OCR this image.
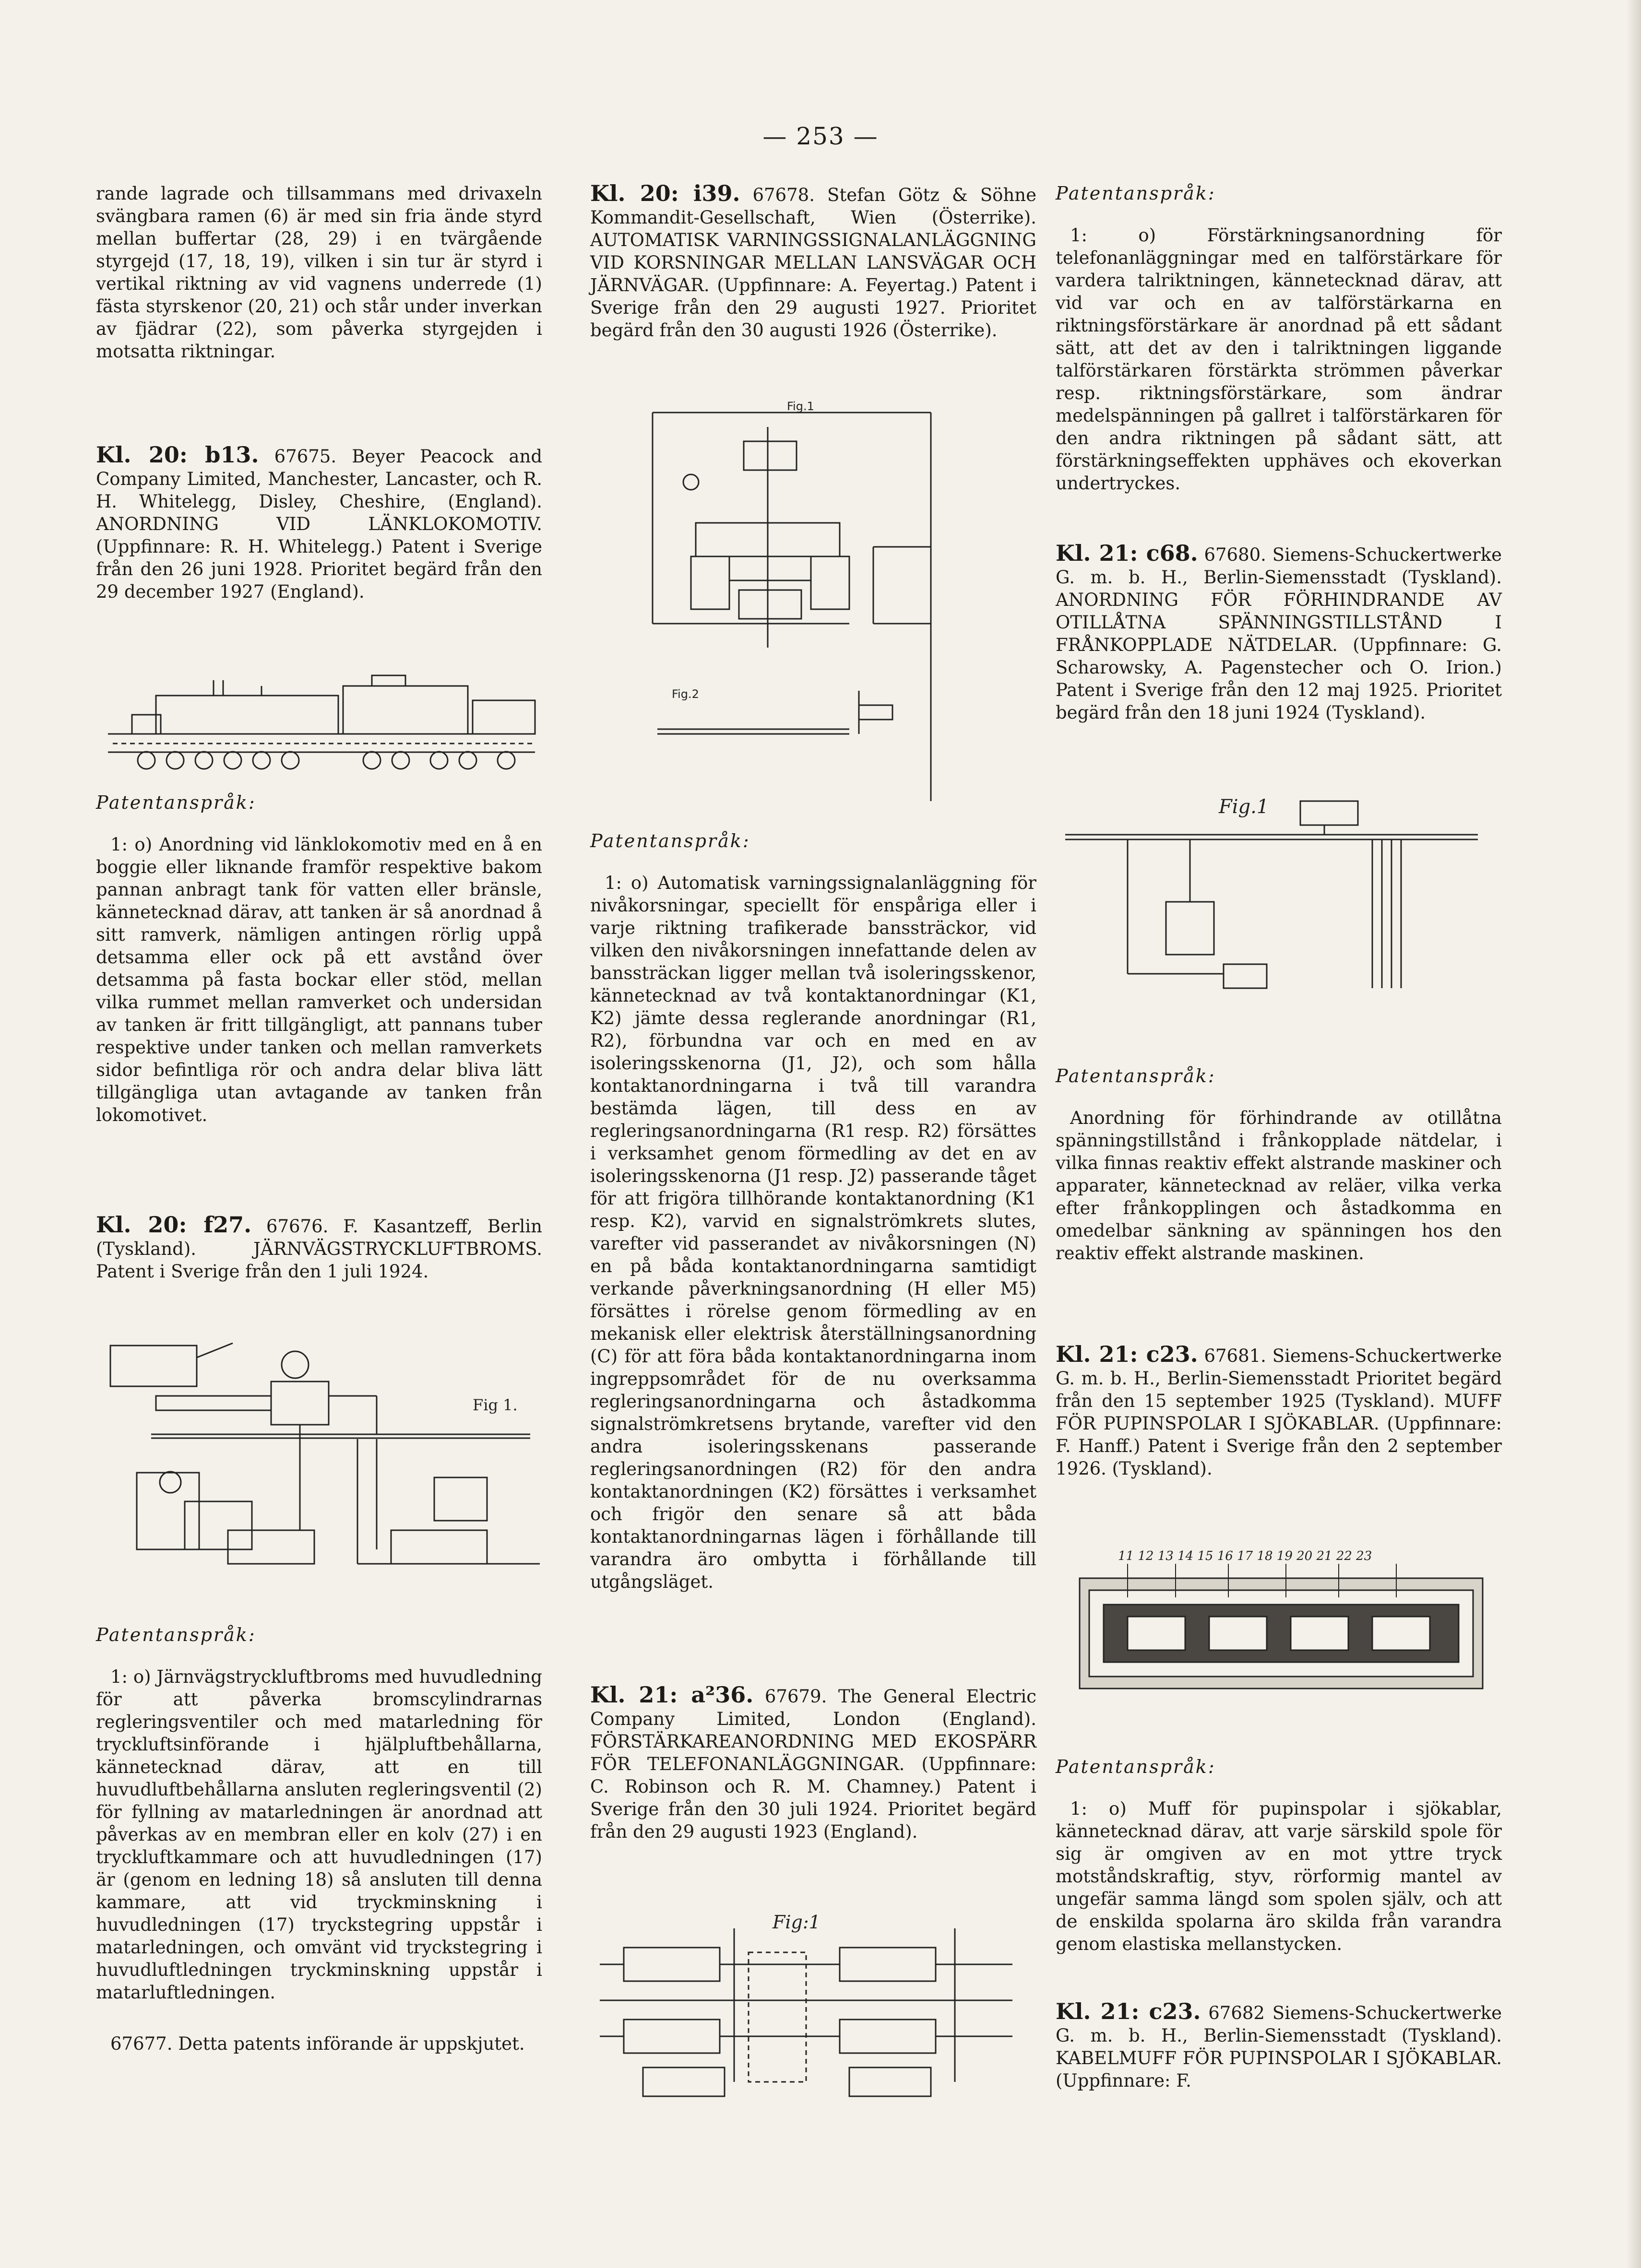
— 253 —

rande lagrade och tillsammans med drivaxeln svängbara ramen (6) är med sin fria ände styrd mellan buffertar (28, 29) i en tvärgående styrgejd (17, 18, 19), vilken i sin tur är styrd i vertikal riktning av vid vagnens underrede (1) fästa styrskenor (20, 21) och står under inverkan av fjädrar (22), som påverka styrgejden i motsatta riktningar.

Kl. 20: b13. 67675. Beyer Peacock and Company Limited, Manchester, Lancaster, och R. H. Whitelegg, Disley, Cheshire, (England). ANORDNING VID LÄNKLOKOMOTIV. (Uppfinnare: R. H. Whitelegg.) Patent i Sverige från den 26 juni 1928. Prioritet begärd från den 29 december 1927 (England).

Patentanspråk:

1: o) Anordning vid länklokomotiv med en å en boggie eller liknande framför respektive bakom pannan anbragt tank för vatten eller bränsle, kännetecknad därav, att tanken är så anordnad å sitt ramverk, nämligen antingen rörlig uppå detsamma eller ock på ett avstånd över detsamma på fasta bockar eller stöd, mellan vilka rummet mellan ramverket och undersidan av tanken är fritt tillgängligt, att pannans tuber respektive under tanken och mellan ramverkets sidor befintliga rör och andra delar bliva lätt tillgängliga utan avtagande av tanken från lokomotivet.

Kl. 20: f27. 67676. F. Kasantzeff, Berlin (Tyskland). JÄRNVÄGSTRYCKLUFTBROMS. Patent i Sverige från den 1 juli 1924.

Fig 1.

Patentanspråk:

1: o) Järnvägstryckluftbroms med huvudledning för att påverka bromscylindrarnas regleringsventiler och med matarledning för tryckluftsinförande i hjälpluftbehållarna, kännetecknad därav, att en till huvudluftbehållarna ansluten regleringsventil (2) för fyllning av matarledningen är anordnad att påverkas av en membran eller en kolv (27) i en tryckluftkammare och att huvudledningen (17) är (genom en ledning 18) så ansluten till denna kammare, att vid tryckminskning i huvudledningen (17) tryckstegring uppstår i matarledningen, och omvänt vid tryckstegring i huvudluftledningen tryckminskning uppstår i matarluftledningen.

67677. Detta patents införande är uppskjutet.

Kl. 20: i39. 67678. Stefan Götz & Söhne Kommandit-Gesellschaft, Wien (Österrike). AUTOMATISK VARNINGSSIGNALANLÄGGNING VID KORSNINGAR MELLAN LANSVÄGAR OCH JÄRNVÄGAR. (Uppfinnare: A. Feyertag.) Patent i Sverige från den 29 augusti 1927. Prioritet begärd från den 30 augusti 1926 (Österrike).

Fig.1
Fig.2

Patentanspråk:

1: o) Automatisk varningssignalanläggning för nivåkorsningar, speciellt för enspåriga eller i varje riktning trafikerade banssträckor, vid vilken den nivåkorsningen innefattande delen av banssträckan ligger mellan två isoleringsskenor, kännetecknad av två kontaktanordningar (K1, K2) jämte dessa reglerande anordningar (R1, R2), förbundna var och en med en av isoleringsskenorna (J1, J2), och som hålla kontaktanordningarna i två till varandra bestämda lägen, till dess en av regleringsanordningarna (R1 resp. R2) försättes i verksamhet genom förmedling av det en av isoleringsskenorna (J1 resp. J2) passerande tåget för att frigöra tillhörande kontaktanordning (K1 resp. K2), varvid en signalströmkrets slutes, varefter vid passerandet av nivåkorsningen (N) en på båda kontaktanordningarna samtidigt verkande påverkningsanordning (H eller M5) försättes i rörelse genom förmedling av en mekanisk eller elektrisk återställningsanordning (C) för att föra båda kontaktanordningarna inom ingreppsområdet för de nu overksamma regleringsanordningarna och åstadkomma signalströmkretsens brytande, varefter vid den andra isoleringsskenans passerande regleringsanordningen (R2) för den andra kontaktanordningen (K2) försättes i verksamhet och frigör den senare så att båda kontaktanordningarnas lägen i förhållande till varandra äro ombytta i förhållande till utgångsläget.

Kl. 21: a²36. 67679. The General Electric Company Limited, London (England). FÖRSTÄRKAREANORDNING MED EKOSPÄRR FÖR TELEFONANLÄGGNINGAR. (Uppfinnare: C. Robinson och R. M. Chamney.) Patent i Sverige från den 30 juli 1924. Prioritet begärd från den 29 augusti 1923 (England).

Fig:1

Patentanspråk:

1: o) Förstärkningsanordning för telefonanläggningar med en talförstärkare för vardera talriktningen, kännetecknad därav, att vid var och en av talförstärkarna en riktningsförstärkare är anordnad på ett sådant sätt, att det av den i talriktningen liggande talförstärkaren förstärkta strömmen påverkar resp. riktningsförstärkare, som ändrar medelspänningen på gallret i talförstärkaren för den andra riktningen på sådant sätt, att förstärkningseffekten upphäves och ekoverkan undertryckes.

Kl. 21: c68. 67680. Siemens-Schuckertwerke G. m. b. H., Berlin-Siemensstadt (Tyskland). ANORDNING FÖR FÖRHINDRANDE AV OTILLÅTNA SPÄNNINGSTILLSTÅND I FRÅNKOPPLADE NÄTDELAR. (Uppfinnare: G. Scharowsky, A. Pagenstecher och O. Irion.) Patent i Sverige från den 12 maj 1925. Prioritet begärd från den 18 juni 1924 (Tyskland).

Fig.1

Patentanspråk:

Anordning för förhindrande av otillåtna spänningstillstånd i frånkopplade nätdelar, i vilka finnas reaktiv effekt alstrande maskiner och apparater, kännetecknad av reläer, vilka verka efter frånkopplingen och åstadkomma en omedelbar sänkning av spänningen hos den reaktiv effekt alstrande maskinen.

Kl. 21: c23. 67681. Siemens-Schuckertwerke G. m. b. H., Berlin-Siemensstadt Prioritet begärd från den 15 september 1925 (Tyskland). MUFF FÖR PUPINSPOLAR I SJÖKABLAR. (Uppfinnare: F. Hanff.) Patent i Sverige från den 2 september 1926. (Tyskland).

11 12 13 14 15 16 17 18 19 20 21 22 23

Patentanspråk:

1: o) Muff för pupinspolar i sjökablar, kännetecknad därav, att varje särskild spole för sig är omgiven av en mot yttre tryck motståndskraftig, styv, rörformig mantel av ungefär samma längd som spolen själv, och att de enskilda spolarna äro skilda från varandra genom elastiska mellanstycken.

Kl. 21: c23. 67682 Siemens-Schuckertwerke G. m. b. H., Berlin-Siemensstadt (Tyskland). KABELMUFF FÖR PUPINSPOLAR I SJÖKABLAR. (Uppfinnare: F.
